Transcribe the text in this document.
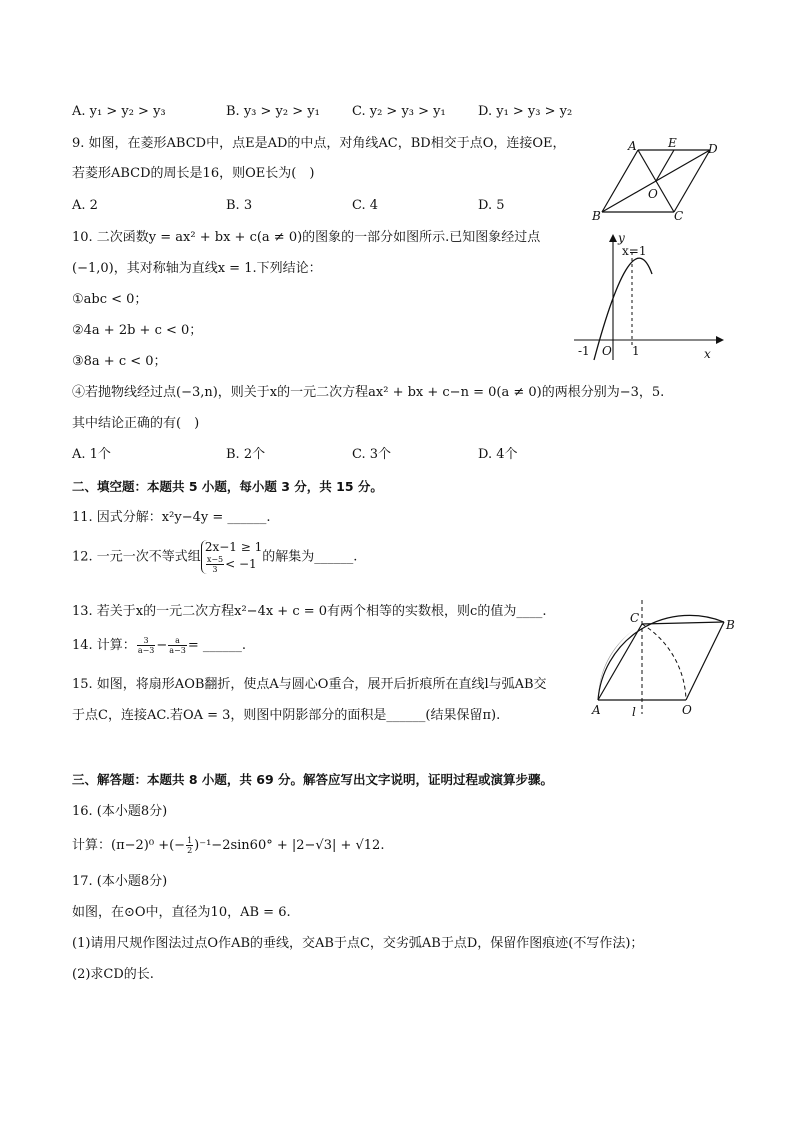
A. y₁ > y₂ > y₃	B. y₃ > y₂ > y₁ C. y₂ > y₃ > y₁ D. y₁ > y₃ > y₂
9. 如图，在菱形ABCD中，点E是AD的中点，对角线AC，BD相交于点O，连接OE，
若菱形ABCD的周长是16，则OE长为(　)
A. 2	B. 3	C. 4	D. 5
A	E	D
O
B	C
10. 二次函数y = ax² + bx + c(a ≠ 0)的图象的一部分如图所示.已知图象经过点
(−1,0)，其对称轴为直线x = 1.下列结论：
①abc < 0；
②4a + 2b + c < 0；
③8a + c < 0；
④若抛物线经过点(−3,n)，则关于x的一元二次方程ax² + bx + c−n = 0(a ≠ 0)的两根分别为−3，5.
其中结论正确的有(　)
A. 1个	B. 2个	C. 3个	D. 4个
y
x=1
x
-1 O 1
二、填空题：本题共 5 小题，每小题 3 分，共 15 分。
11. 因式分解：x²y−4y = ______.
12. 一元一次不等式组
2x−1 ≥ 1
$\frac{x-5}{3} < -1$ 的解集为______.
13. 若关于x的一元二次方程x²−4x + c = 0有两个相等的实数根，则c的值为____.
14. 计算： $\frac{3}{a-3} - \frac{a}{a-3}$ = ______.
15. 如图，将扇形AOB翻折，使点A与圆心O重合，展开后折痕所在直线l与弧AB交
于点C，连接AC.若OA = 3，则图中阴影部分的面积是______(结果保留π).
C	B
A	l	O
三、解答题：本题共 8 小题，共 69 分。解答应写出文字说明，证明过程或演算步骤。
16. (本小题8分)
计算：(π−2)⁰ +(− $\frac{1}{2} )^{-1}-2\sin 60^\circ + |2-√3| + √12$.
17. (本小题8分)
如图，在⊙O中，直径为10，AB = 6.
(1)请用尺规作图法过点O作AB的垂线，交AB于点C，交劣弧AB于点D，保留作图痕迹(不写作法)；
(2)求CD的长.
